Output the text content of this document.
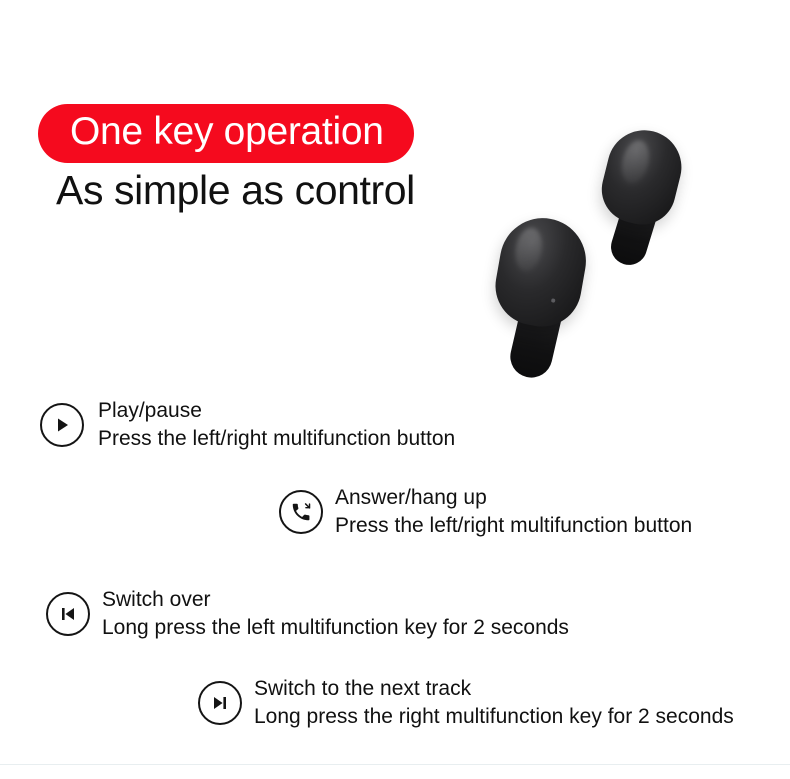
One key operation
As simple as control
Play/pause
Press the left/right multifunction button
Answer/hang up
Press the left/right multifunction button
Switch over
Long press the left multifunction key for 2 seconds
Switch to the next track
Long press the right multifunction key for 2 seconds
